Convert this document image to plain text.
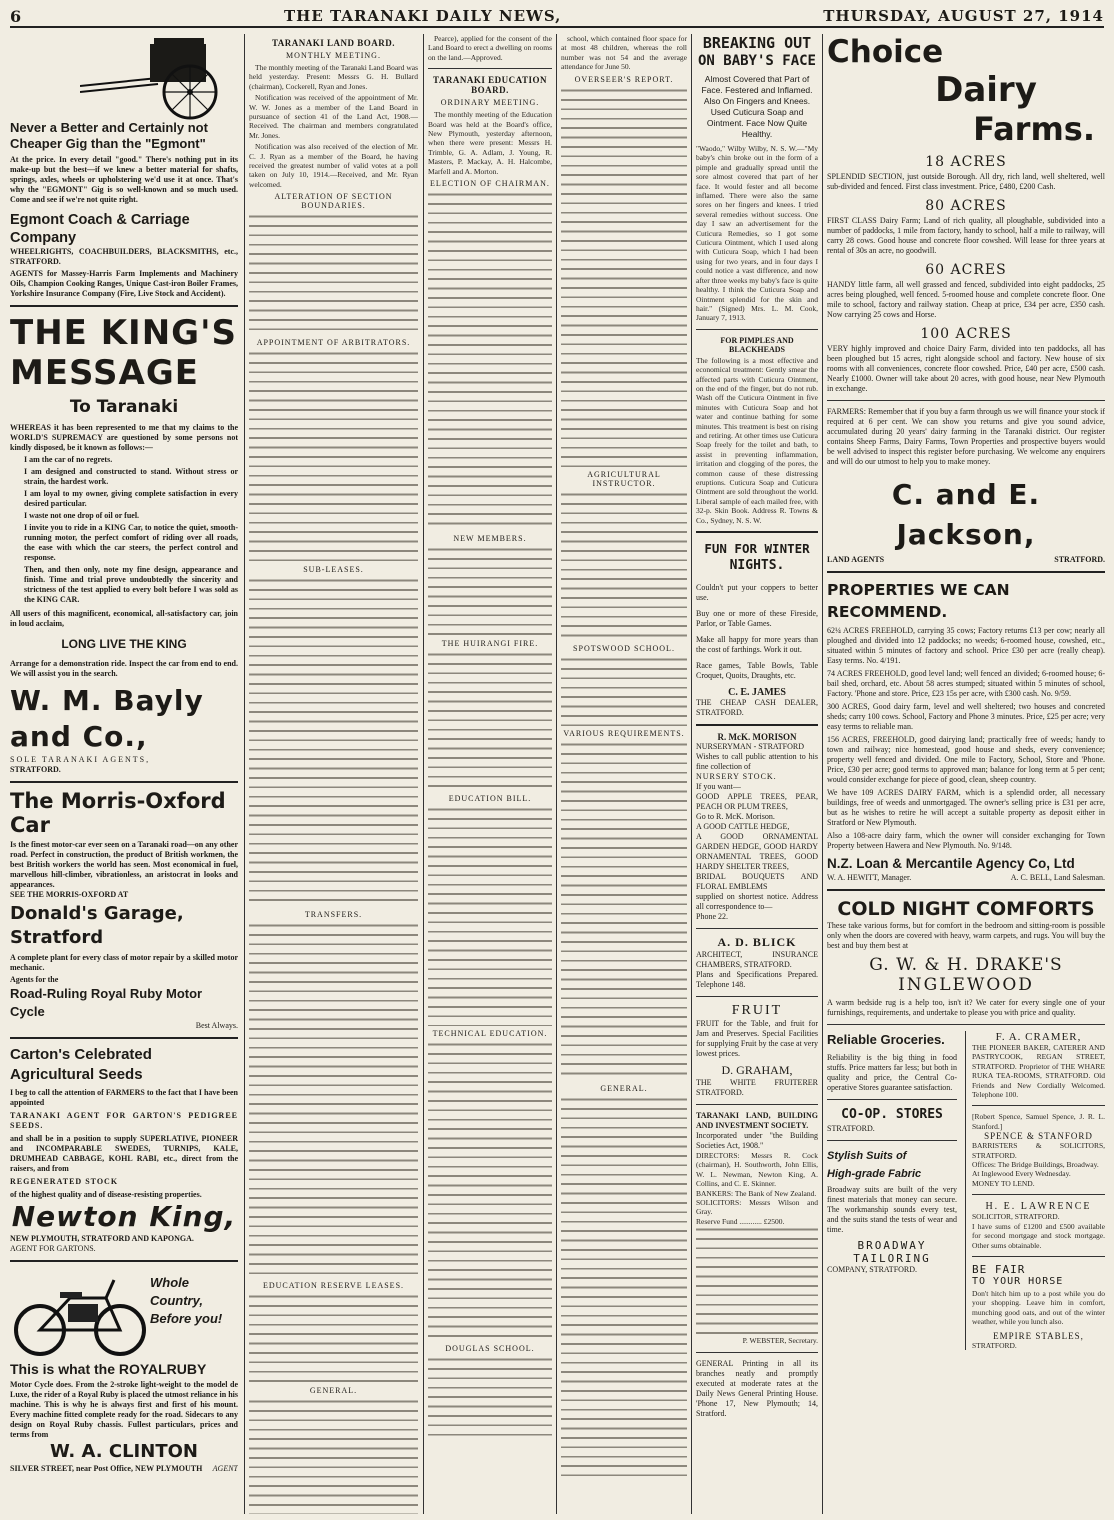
6	THE TARANAKI DAILY NEWS,	THURSDAY, AUGUST 27, 1914
Never a Better and Certainly not Cheaper Gig than the "Egmont"
At the price. In every detail "good." There's nothing put in its make-up but the best—if we knew a better material for shafts, springs, axles, wheels or upholstering we'd use it at once. That's why the "EGMONT" Gig is so well-known and so much used. Come and see if we're not quite right.
Egmont Coach & Carriage Company
WHEELRIGHTS, COACHBUILDERS, BLACKSMITHS, etc., STRATFORD.
AGENTS for Massey-Harris Farm Implements and Machinery Oils, Champion Cooking Ranges, Unique Cast-iron Boiler Frames, Yorkshire Insurance Company (Fire, Live Stock and Accident).
THE KING'S
MESSAGE
To Taranaki
WHEREAS it has been represented to me that my claims to the WORLD'S SUPREMACY are questioned by some persons not kindly disposed, be it known as follows:—
I am the car of no regrets.
I am designed and constructed to stand. Without stress or strain, the hardest work.
I am loyal to my owner, giving complete satisfaction in every desired particular.
I waste not one drop of oil or fuel.
I invite you to ride in a KING Car, to notice the quiet, smooth-running motor, the perfect comfort of riding over all roads, the ease with which the car steers, the perfect control and response.
Then, and then only, note my fine design, appearance and finish. Time and trial prove undoubtedly the sincerity and strictness of the test applied to every bolt before I was sold as the KING CAR.
All users of this magnificent, economical, all-satisfactory car, join in loud acclaim,
LONG LIVE THE KING
Arrange for a demonstration ride. Inspect the car from end to end. We will assist you in the search.
W. M. Bayly and Co.,
SOLE TARANAKI AGENTS,
STRATFORD.
The Morris-Oxford Car
Is the finest motor-car ever seen on a Taranaki road—on any other road. Perfect in construction, the product of British workmen, the best British workers the world has seen. Most economical in fuel, marvellous hill-climber, vibrationless, an aristocrat in looks and appearances.
SEE THE MORRIS-OXFORD AT
Donald's Garage, Stratford
A complete plant for every class of motor repair by a skilled motor mechanic.
Agents for the
Road-Ruling Royal Ruby Motor Cycle
Best Always.
Carton's Celebrated Agricultural Seeds
I beg to call the attention of FARMERS to the fact that I have been appointed
TARANAKI AGENT FOR GARTON'S PEDIGREE SEEDS.
and shall be in a position to supply SUPERLATIVE, PIONEER and INCOMPARABLE SWEDES, TURNIPS, KALE, DRUMHEAD CABBAGE, KOHL RABI, etc., direct from the raisers, and from
REGENERATED STOCK
of the highest quality and of disease-resisting properties.
Newton King,
NEW PLYMOUTH, STRATFORD AND KAPONGA.
AGENT FOR GARTONS.
Whole
Country,
Before you!
This is what the ROYALRUBY
Motor Cycle does. From the 2-stroke light-weight to the model de Luxe, the rider of a Royal Ruby is placed the utmost reliance in his machine. This is why he is always first and first of his mount. Every machine fitted complete ready for the road. Sidecars to any design on Royal Ruby chassis. Fullest particulars, prices and terms from
W. A. CLINTON
SILVER STREET, near Post Office, NEW PLYMOUTH AGENT
TARANAKI LAND BOARD.
MONTHLY MEETING.

The monthly meeting of the Taranaki Land Board was held yesterday. Present: Messrs G. H. Bullard (chairman), Cockerell, Ryan and Jones.

Notification was received of the appointment of Mr. W. W. Jones as a member of the Land Board in pursuance of section 41 of the Land Act, 1908.—Received. The chairman and members congratulated Mr. Jones.

Notification was also received of the election of Mr. C. J. Ryan as a member of the Board, he having received the greatest number of valid votes at a poll taken on July 10, 1914.—Received, and Mr. Ryan welcomed.

ALTERATION OF SECTION BOUNDARIES.
APPOINTMENT OF ARBITRATORS.
SUB-LEASES.
TRANSFERS.
EDUCATION RESERVE LEASES.
GENERAL.

Pearce), applied for the consent of the Land Board to erect a dwelling on rooms on the land.—Approved.

TARANAKI EDUCATION BOARD.
ORDINARY MEETING.

The monthly meeting of the Education Board was held at the Board's office, New Plymouth, yesterday afternoon, when there were present: Messrs H. Trimble, G. A. Adlam, J. Young, R. Masters, P. Mackay, A. H. Halcombe, Marfell and A. Morton.

ELECTION OF CHAIRMAN.
NEW MEMBERS.
THE HUIRANGI FIRE.
EDUCATION BILL.
TECHNICAL EDUCATION.
DOUGLAS SCHOOL.

school, which contained floor space for at most 48 children, whereas the roll number was not 54 and the average attendance for June 50.

OVERSEER'S REPORT.
AGRICULTURAL INSTRUCTOR.
SPOTSWOOD SCHOOL.
VARIOUS REQUIREMENTS.
GENERAL.
BREAKING OUT
ON BABY'S FACE
Almost Covered that Part of Face. Festered and Inflamed. Also On Fingers and Knees. Used Cuticura Soap and Ointment. Face Now Quite Healthy.
"Waodo," Wilby Wilby, N. S. W.—"My baby's chin broke out in the form of a pimple and gradually spread until the sore almost covered that part of her face. It would fester and all become inflamed. There were also the same sores on her fingers and knees. I tried several remedies without success. One day I saw an advertisement for the Cuticura Remedies, so I got some Cuticura Ointment, which I used along with Cuticura Soap, which I had been using for two years, and in four days I could notice a vast difference, and now after three weeks my baby's face is quite healthy. I think the Cuticura Soap and Ointment splendid for the skin and hair." (Signed) Mrs. L. M. Cook, January 7, 1913.
FOR PIMPLES AND BLACKHEADS
The following is a most effective and economical treatment: Gently smear the affected parts with Cuticura Ointment, on the end of the finger, but do not rub. Wash off the Cuticura Ointment in five minutes with Cuticura Soap and hot water and continue bathing for some minutes. This treatment is best on rising and retiring. At other times use Cuticura Soap freely for the toilet and bath, to assist in preventing inflammation, irritation and clogging of the pores, the common cause of these distressing eruptions. Cuticura Soap and Cuticura Ointment are sold throughout the world. Liberal sample of each mailed free, with 32-p. Skin Book. Address R. Towns & Co., Sydney, N. S. W.
FUN FOR WINTER
NIGHTS.
Couldn't put your coppers to better use.
Buy one or more of these Fireside, Parlor, or Table Games.
Make all happy for more years than the cost of farthings. Work it out.
Race games, Table Bowls, Table Croquet, Quoits, Draughts, etc.
C. E. JAMES
THE CHEAP CASH DEALER, STRATFORD.
R. McK. MORISON
NURSERYMAN - STRATFORD
Wishes to call public attention to his fine collection of
NURSERY STOCK.
If you want—
GOOD APPLE TREES, PEAR, PEACH OR PLUM TREES,
Go to R. McK. Morison.
A GOOD CATTLE HEDGE,
A GOOD ORNAMENTAL GARDEN HEDGE, GOOD HARDY ORNAMENTAL TREES, GOOD HARDY SHELTER TREES,
BRIDAL BOUQUETS AND FLORAL EMBLEMS
supplied on shortest notice. Address all correspondence to—
Phone 22.
A. D. BLICK
ARCHITECT, INSURANCE CHAMBERS, STRATFORD.
Plans and Specifications Prepared. Telephone 148.
FRUIT
FRUIT for the Table, and fruit for Jam and Preserves. Special Facilities for supplying Fruit by the case at very lowest prices.
D. GRAHAM,
THE WHITE FRUITERER STRATFORD.
TARANAKI LAND, BUILDING AND INVESTMENT SOCIETY.
Incorporated under "the Building Societies Act, 1908."
DIRECTORS: Messrs R. Cock (chairman), H. Southworth, John Ellis, W. L. Newman, Newton King, A. Collins, and C. E. Skinner.
BANKERS: The Bank of New Zealand.
SOLICITORS: Messrs Wilson and Gray.
Reserve Fund ............ £2500.
P. WEBSTER, Secretary.
GENERAL Printing in all its branches neatly and promptly executed at moderate rates at the Daily News General Printing House. 'Phone 17, New Plymouth; 14, Stratford.
Choice
Dairy
Farms.
18 ACRES
SPLENDID SECTION, just outside Borough. All dry, rich land, well sheltered, well sub-divided and fenced. First class investment. Price, £480, £200 Cash.
80 ACRES
FIRST CLASS Dairy Farm; Land of rich quality, all ploughable, subdivided into a number of paddocks, 1 mile from factory, handy to school, half a mile to railway, will carry 28 cows. Good house and concrete floor cowshed. Will lease for three years at rental of 30s an acre, no goodwill.
60 ACRES
HANDY little farm, all well grassed and fenced, subdivided into eight paddocks, 25 acres being ploughed, well fenced. 5-roomed house and complete concrete floor. One mile to school, factory and railway station. Cheap at price, £34 per acre, £350 cash. Now carrying 25 cows and Horse.
100 ACRES
VERY highly improved and choice Dairy Farm, divided into ten paddocks, all has been ploughed but 15 acres, right alongside school and factory. New house of six rooms with all conveniences, concrete floor cowshed. Price, £40 per acre, £500 cash. Nearly £1000. Owner will take about 20 acres, with good house, near New Plymouth in exchange.
FARMERS: Remember that if you buy a farm through us we will finance your stock if required at 6 per cent. We can show you returns and give you sound advice, accumulated during 20 years' dairy farming in the Taranaki district. Our register contains Sheep Farms, Dairy Farms, Town Properties and prospective buyers would be well advised to inspect this register before purchasing. We welcome any enquirers and will do our utmost to help you to make money.
C. and E. Jackson,
LAND AGENTS	STRATFORD.
PROPERTIES WE CAN RECOMMEND.
62¼ ACRES FREEHOLD, carrying 35 cows; Factory returns £13 per cow; nearly all ploughed and divided into 12 paddocks; no weeds; 6-roomed house, cowshed, etc., situated within 5 minutes of factory and school. Price £30 per acre (really cheap). Easy terms. No. 4/191.
74 ACRES FREEHOLD, good level land; well fenced an divided; 6-roomed house; 6-bail shed, orchard, etc. About 58 acres stumped; situated within 5 minutes of school, Factory. 'Phone and store. Price, £23 15s per acre, with £300 cash. No. 9/59.
300 ACRES, Good dairy farm, level and well sheltered; two houses and concreted sheds; carry 100 cows. School, Factory and Phone 3 minutes. Price, £25 per acre; very easy terms to reliable man.
156 ACRES, FREEHOLD, good dairying land; practically free of weeds; handy to town and railway; nice homestead, good house and sheds, every convenience; property well fenced and divided. One mile to Factory, School, Store and 'Phone. Price, £30 per acre; good terms to approved man; balance for long term at 5 per cent; would consider exchange for piece of good, clean, sheep country.
We have 109 ACRES DAIRY FARM, which is a splendid order, all necessary buildings, free of weeds and unmortgaged. The owner's selling price is £31 per acre, but as he wishes to retire he will accept a suitable property as deposit either in Stratford or New Plymouth.
Also a 108-acre dairy farm, which the owner will consider exchanging for Town Property between Hawera and New Plymouth. No. 9/148.
N.Z. Loan & Mercantile Agency Co, Ltd
W. A. HEWITT, Manager.	A. C. BELL, Land Salesman.
COLD NIGHT COMFORTS
These take various forms, but for comfort in the bedroom and sitting-room is possible only when the doors are covered with heavy, warm carpets, and rugs. You will buy the best and buy them best at
G. W. & H. DRAKE'S
INGLEWOOD
A warm bedside rug is a help too, isn't it? We cater for every single one of your furnishings, requirements, and undertake to please you with price and quality.
Reliable Groceries.
Reliability is the big thing in food stuffs. Price matters far less; but both in quality and price, the Central Co-operative Stores guarantee satisfaction.
CO-OP. STORES
STRATFORD.
Stylish Suits of
High-grade Fabric
Broadway suits are built of the very finest materials that money can secure. The workmanship sounds every test, and the suits stand the tests of wear and time.
BROADWAY
TAILORING
COMPANY, STRATFORD.
F. A. CRAMER,
THE PIONEER BAKER, CATERER AND PASTRYCOOK, REGAN STREET, STRATFORD. Proprietor of THE WHARE RUKA TEA-ROOMS, STRATFORD. Old Friends and New Cordially Welcomed. Telephone 100.
[Robert Spence, Samuel Spence, J. R. L. Stanford.]
SPENCE & STANFORD
BARRISTERS & SOLICITORS, STRATFORD.
Offices: The Bridge Buildings, Broadway.
At Inglewood Every Wednesday.
MONEY TO LEND.
H. E. LAWRENCE
SOLICITOR, STRATFORD.
I have sums of £1200 and £500 available for second mortgage and stock mortgage. Other sums obtainable.
BE FAIR
TO YOUR HORSE
Don't hitch him up to a post while you do your shopping. Leave him in comfort, munching good oats, and out of the winter weather, while you lunch also.
EMPIRE STABLES,
STRATFORD.
